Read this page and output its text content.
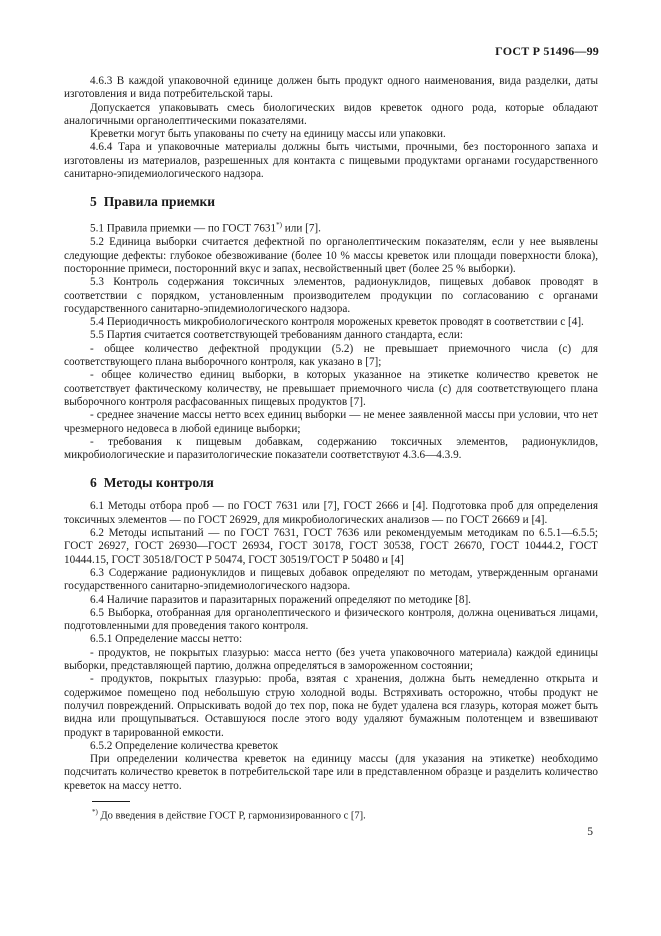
ГОСТ Р 51496—99

4.6.3 В каждой упаковочной единице должен быть продукт одного наименования, вида разделки, даты изготовления и вида потребительской тары.

Допускается упаковывать смесь биологических видов креветок одного рода, которые обладают аналогичными органолептическими показателями.

Креветки могут быть упакованы по счету на единицу массы или упаковки.

4.6.4 Тара и упаковочные материалы должны быть чистыми, прочными, без посторонного запаха и изготовлены из материалов, разрешенных для контакта с пищевыми продуктами органами государственного санитарно-эпидемиологического надзора.

5 Правила приемки

5.1 Правила приемки — по ГОСТ 7631*) или [7].

5.2 Единица выборки считается дефектной по органолептическим показателям, если у нее выявлены следующие дефекты: глубокое обезвоживание (более 10 % массы креветок или площади поверхности блока), посторонние примеси, посторонний вкус и запах, несвойственный цвет (более 25 % выборки).

5.3 Контроль содержания токсичных элементов, радионуклидов, пищевых добавок проводят в соответствии с порядком, установленным производителем продукции по согласованию с органами государственного санитарно-эпидемиологического надзора.

5.4 Периодичность микробиологического контроля мороженых креветок проводят в соответствии с [4].

5.5 Партия считается соответствующей требованиям данного стандарта, если:

- общее количество дефектной продукции (5.2) не превышает приемочного числа (c) для соответствующего плана выборочного контроля, как указано в [7];

- общее количество единиц выборки, в которых указанное на этикетке количество креветок не соответствует фактическому количеству, не превышает приемочного числа (c) для соответствующего плана выборочного контроля расфасованных пищевых продуктов [7].

- среднее значение массы нетто всех единиц выборки — не менее заявленной массы при условии, что нет чрезмерного недовеса в любой единице выборки;

- требования к пищевым добавкам, содержанию токсичных элементов, радионуклидов, микробиологические и паразитологические показатели соответствуют 4.3.6—4.3.9.

6 Методы контроля

6.1 Методы отбора проб — по ГОСТ 7631 или [7], ГОСТ 2666 и [4]. Подготовка проб для определения токсичных элементов — по ГОСТ 26929, для микробиологических анализов — по ГОСТ 26669 и [4].

6.2 Методы испытаний — по ГОСТ 7631, ГОСТ 7636 или рекомендуемым методикам по 6.5.1—6.5.5; ГОСТ 26927, ГОСТ 26930—ГОСТ 26934, ГОСТ 30178, ГОСТ 30538, ГОСТ 26670, ГОСТ 10444.2, ГОСТ 10444.15, ГОСТ 30518/ГОСТ Р 50474, ГОСТ 30519/ГОСТ Р 50480 и [4]

6.3 Содержание радионуклидов и пищевых добавок определяют по методам, утвержденным органами государственного санитарно-эпидемиологического надзора.

6.4 Наличие паразитов и паразитарных поражений определяют по методике [8].

6.5 Выборка, отобранная для органолептического и физического контроля, должна оцениваться лицами, подготовленными для проведения такого контроля.

6.5.1 Определение массы нетто:

- продуктов, не покрытых глазурью: масса нетто (без учета упаковочного материала) каждой единицы выборки, представляющей партию, должна определяться в замороженном состоянии;

- продуктов, покрытых глазурью: проба, взятая с хранения, должна быть немедленно открыта и содержимое помещено под небольшую струю холодной воды. Встряхивать осторожно, чтобы продукт не получил повреждений. Опрыскивать водой до тех пор, пока не будет удалена вся глазурь, которая может быть видна или прощупываться. Оставшуюся после этого воду удаляют бумажным полотенцем и взвешивают продукт в тарированной емкости.

6.5.2 Определение количества креветок

При определении количества креветок на единицу массы (для указания на этикетке) необходимо подсчитать количество креветок в потребительской таре или в представленном образце и разделить количество креветок на массу нетто.

*) До введения в действие ГОСТ Р, гармонизированного с [7].
5
